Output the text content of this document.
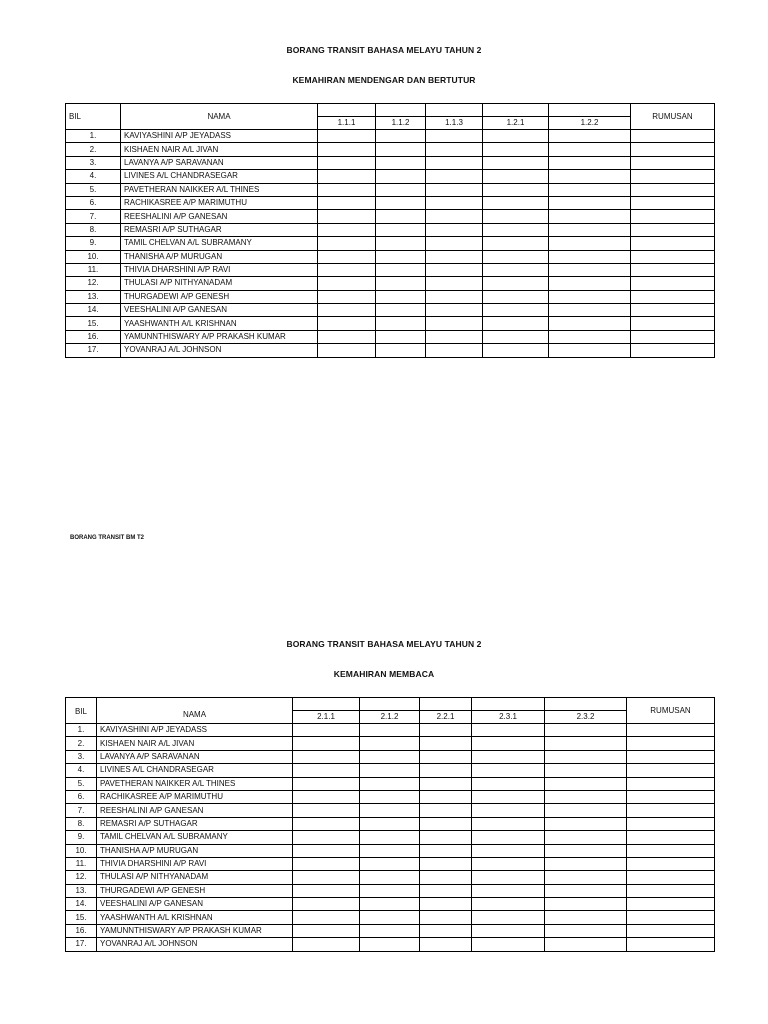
BORANG TRANSIT BAHASA MELAYU TAHUN 2
KEMAHIRAN MENDENGAR DAN BERTUTUR
BIL	NAMA						RUMUSAN
		1.1.1	1.1.2	1.1.3	1.2.1	1.2.2	
1.	KAVIYASHINI A/P JEYADASS						
2.	KISHAEN NAIR A/L JIVAN						
3.	LAVANYA A/P SARAVANAN						
4.	LIVINES A/L CHANDRASEGAR						
5.	PAVETHERAN NAIKKER A/L THINES						
6.	RACHIKASREE A/P MARIMUTHU						
7.	REESHALINI A/P GANESAN						
8.	REMASRI A/P SUTHAGAR						
9.	TAMIL CHELVAN A/L SUBRAMANY						
10.	THANISHA A/P MURUGAN						
11.	THIVIA DHARSHINI A/P RAVI						
12.	THULASI A/P NITHYANADAM						
13.	THURGADEWI A/P GENESH						
14.	VEESHALINI A/P GANESAN						
15.	YAASHWANTH A/L KRISHNAN						
16.	YAMUNNTHISWARY A/P PRAKASH KUMAR						
17.	YOVANRAJ A/L JOHNSON						
BORANG TRANSIT BM T2
BORANG TRANSIT BAHASA MELAYU TAHUN 2
KEMAHIRAN MEMBACA
BIL	NAMA						RUMUSAN
		2.1.1	2.1.2	2.2.1	2.3.1	2.3.2	
1.	KAVIYASHINI A/P JEYADASS						
2.	KISHAEN NAIR A/L JIVAN						
3.	LAVANYA A/P SARAVANAN						
4.	LIVINES A/L CHANDRASEGAR						
5.	PAVETHERAN NAIKKER A/L THINES						
6.	RACHIKASREE A/P MARIMUTHU						
7.	REESHALINI A/P GANESAN						
8.	REMASRI A/P SUTHAGAR						
9.	TAMIL CHELVAN A/L SUBRAMANY						
10.	THANISHA A/P MURUGAN						
11.	THIVIA DHARSHINI A/P RAVI						
12.	THULASI A/P NITHYANADAM						
13.	THURGADEWI A/P GENESH						
14.	VEESHALINI A/P GANESAN						
15.	YAASHWANTH A/L KRISHNAN						
16.	YAMUNNTHISWARY A/P PRAKASH KUMAR						
17.	YOVANRAJ A/L JOHNSON						
